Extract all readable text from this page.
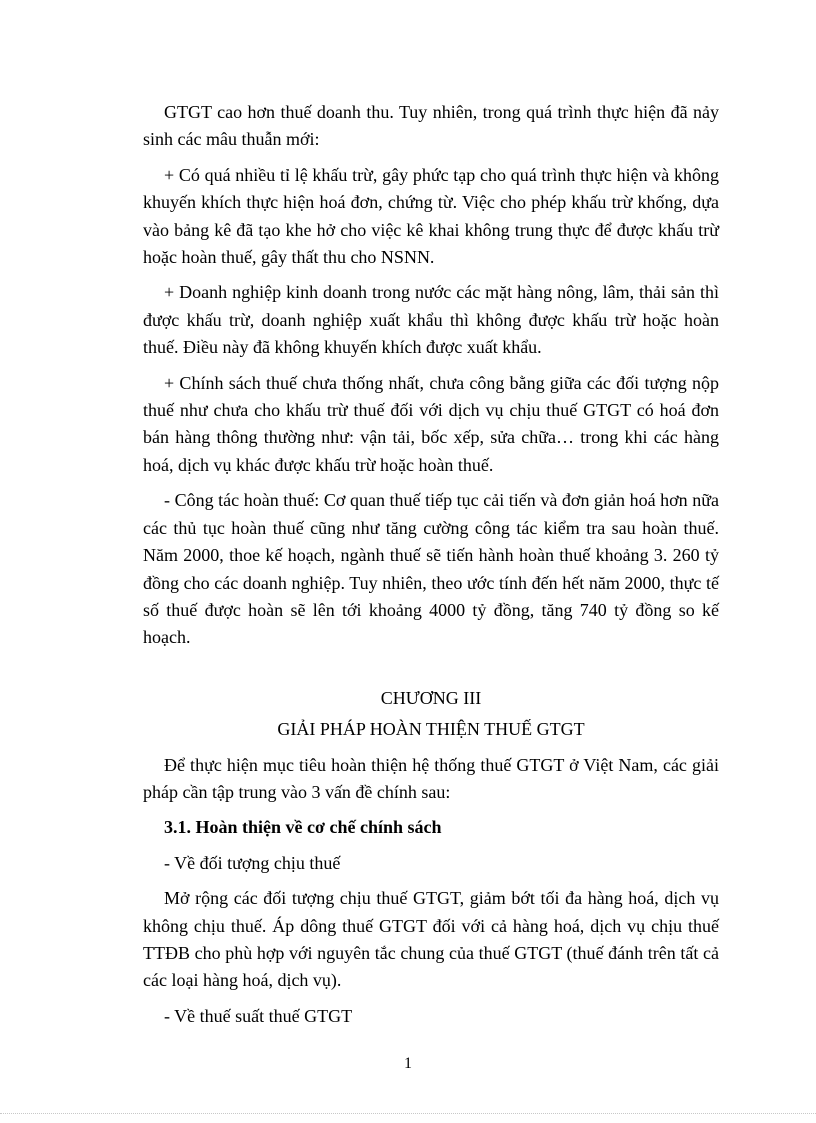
GTGT cao hơn thuế doanh thu. Tuy nhiên, trong quá trình thực hiện đã nảy sinh các mâu thuẫn mới:

+ Có quá nhiều tỉ lệ khấu trừ, gây phức tạp cho quá trình thực hiện và không khuyến khích thực hiện hoá đơn, chứng từ. Việc cho phép khấu trừ khống, dựa vào bảng kê đã tạo khe hở cho việc kê khai không trung thực để được khấu trừ hoặc hoàn thuế, gây thất thu cho NSNN.

+ Doanh nghiệp kinh doanh trong nước các mặt hàng nông, lâm, thải sản thì được khấu trừ, doanh nghiệp xuất khẩu thì không được khấu trừ hoặc hoàn thuế. Điều này đã không khuyến khích được xuất khẩu.

+ Chính sách thuế chưa thống nhất, chưa công bằng giữa các đối tượng nộp thuế như chưa cho khấu trừ thuế đối với dịch vụ chịu thuế GTGT có hoá đơn bán hàng thông thường như: vận tải, bốc xếp, sửa chữa… trong khi các hàng hoá, dịch vụ khác được khấu trừ hoặc hoàn thuế.

- Công tác hoàn thuế: Cơ quan thuế tiếp tục cải tiến và đơn giản hoá hơn nữa các thủ tục hoàn thuế cũng như tăng cường công tác kiểm tra sau hoàn thuế. Năm 2000, thoe kế hoạch, ngành thuế sẽ tiến hành hoàn thuế khoảng 3. 260 tỷ đồng cho các doanh nghiệp. Tuy nhiên, theo ước tính đến hết năm 2000, thực tế số thuế được hoàn sẽ lên tới khoảng 4000 tỷ đồng, tăng 740 tỷ đồng so kế hoạch.

CHƯƠNG III

GIẢI PHÁP HOÀN THIỆN THUẾ GTGT

Để thực hiện mục tiêu hoàn thiện hệ thống thuế GTGT ở Việt Nam, các giải pháp cần tập trung vào 3 vấn đề chính sau:

3.1. Hoàn thiện về cơ chế chính sách

- Về đối tượng chịu thuế

Mở rộng các đối tượng chịu thuế GTGT, giảm bớt tối đa hàng hoá, dịch vụ không chịu thuế. Áp dông thuế GTGT đối với cả hàng hoá, dịch vụ chịu thuế TTĐB cho phù hợp với nguyên tắc chung của thuế GTGT (thuế đánh trên tất cả các loại hàng hoá, dịch vụ).

- Về thuế suất thuế GTGT

1
